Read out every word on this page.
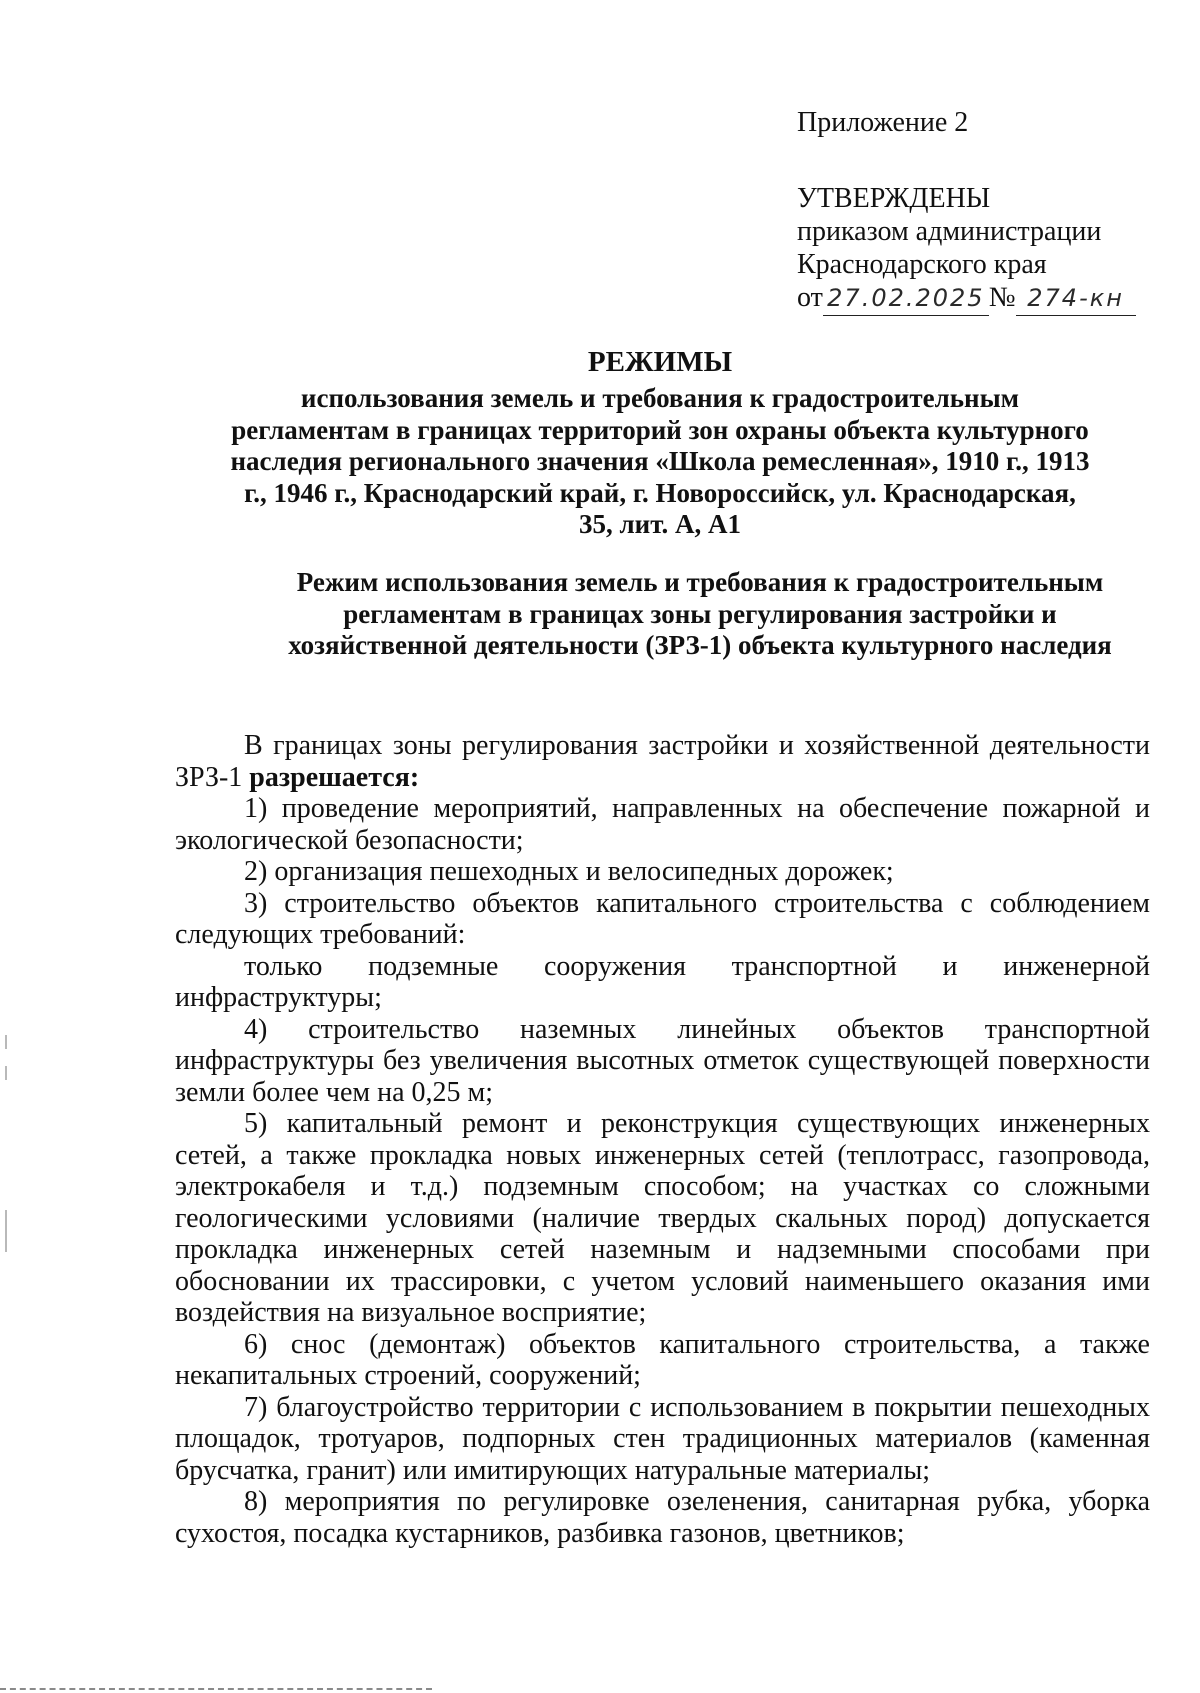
Приложение 2
УТВЕРЖДЕНЫ
приказом администрации
Краснодарского края
от 27.02.2025 № 274-кн
РЕЖИМЫ
использования земель и требования к градостроительным регламентам в границах территорий зон охраны объекта культурного наследия регионального значения «Школа ремесленная», 1910 г., 1913 г., 1946 г., Краснодарский край, г. Новороссийск, ул. Краснодарская, 35, лит. А, А1
Режим использования земель и требования к градостроительным регламентам в границах зоны регулирования застройки и хозяйственной деятельности (ЗРЗ-1) объекта культурного наследия

В границах зоны регулирования застройки и хозяйственной деятельности ЗРЗ-1 разрешается:

1) проведение мероприятий, направленных на обеспечение пожарной и экологической безопасности;

2) организация пешеходных и велосипедных дорожек;

3) строительство объектов капитального строительства с соблюдением следующих требований:

только подземные сооружения транспортной и инженерной инфраструктуры;

4) строительство наземных линейных объектов транспортной инфраструктуры без увеличения высотных отметок существующей поверхности земли более чем на 0,25 м;

5) капитальный ремонт и реконструкция существующих инженерных сетей, а также прокладка новых инженерных сетей (теплотрасс, газопровода, электрокабеля и т.д.) подземным способом; на участках со сложными геологическими условиями (наличие твердых скальных пород) допускается прокладка инженерных сетей наземным и надземными способами при обосновании их трассировки, с учетом условий наименьшего оказания ими воздействия на визуальное восприятие;

6) снос (демонтаж) объектов капитального строительства, а также некапитальных строений, сооружений;

7) благоустройство территории с использованием в покрытии пешеходных площадок, тротуаров, подпорных стен традиционных материалов (каменная брусчатка, гранит) или имитирующих натуральные материалы;

8) мероприятия по регулировке озеленения, санитарная рубка, уборка сухостоя, посадка кустарников, разбивка газонов, цветников;
